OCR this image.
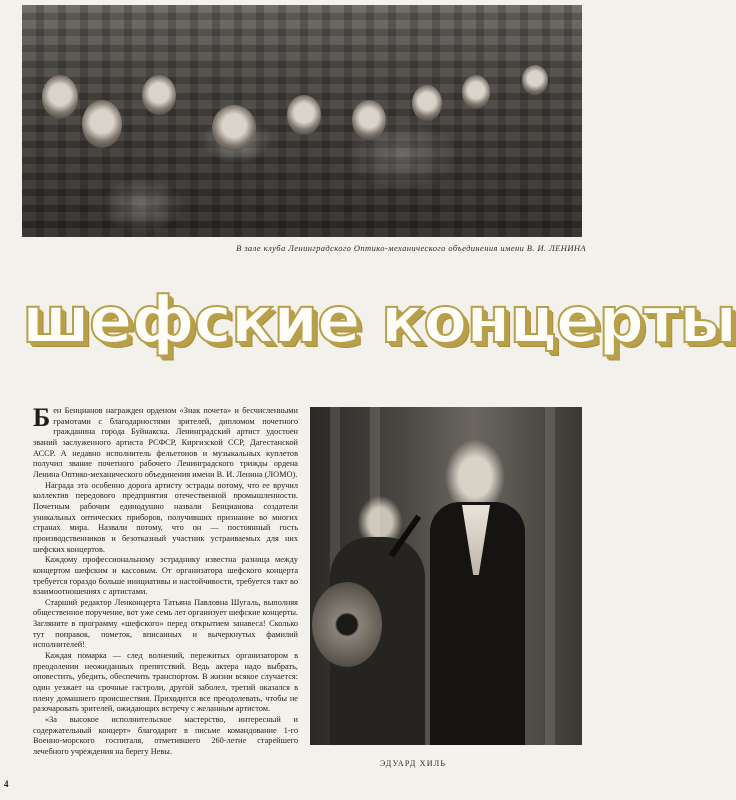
В зале клуба Ленинградского Оптико-механического объединения имени В. И. ЛЕНИНА
шефские концерты

Бен Бенцианов награжден орденом «Знак почета» и бесчисленными грамотами с благодарностями зрителей, дипломом почетного гражданина города Буйнакска. Ленинградский артист удостоен званий заслуженного артиста РСФСР, Киргизской ССР, Дагестанской АССР. А недавно исполнитель фельетонов и музыкальных куплетов получил звание почетного рабочего Ленинградского трижды ордена Ленина Оптико-механического объединения имени В. И. Ленина (ЛОМО).

Награда эта особенно дорога артисту эстрады потому, что ее вручил коллектив передового предприятия отечественной промышленности. Почетным рабочим единодушно назвали Бенцианова создатели уникальных оптических приборов, получивших признание во многих странах мира. Назвали потому, что он — постоянный гость производственников и безотказный участник устраиваемых для них шефских концертов.

Каждому профессиональному эстраднику известна разница между концертом шефским и кассовым. От организатора шефского концерта требуется гораздо больше инициативы и настойчивости, требуется такт во взаимоотношениях с артистами.

Старший редактор Ленконцерта Татьяна Павловна Шугаль, выполняя общественное поручение, вот уже семь лет организует шефские концерты. Загляните в программу «шефского» перед открытием занавеса! Сколько тут поправок, пометок, вписанных и вычеркнутых фамилий исполнителей!

Каждая помарка — след волнений, пережитых организатором в преодолении неожиданных препятствий. Ведь актера надо выбрать, оповестить, убедить, обеспечить транспортом. В жизни всякое случается: один уезжает на срочные гастроли, другой заболел, третий оказался в плену домашнего происшествия. Приходится все преодолевать, чтобы не разочаровать зрителей, ожидающих встречу с желанным артистом.

«За высокое исполнительское мастерство, интересный и содержательный концерт» благодарит в письме командование 1-го Военно-морского госпиталя, отметившего 260-летие старейшего лечебного учреждения на берегу Невы.

ЭДУАРД ХИЛЬ
4
